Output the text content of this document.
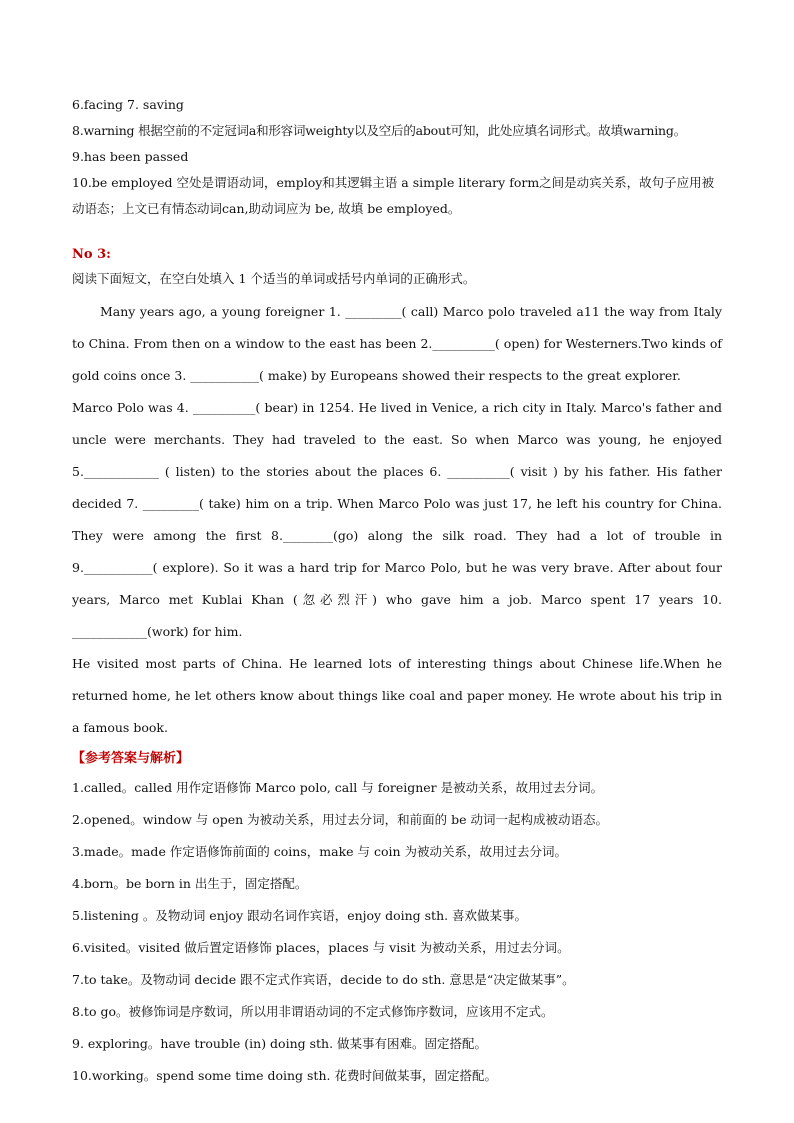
6.facing 7. saving
8.warning 根据空前的不定冠词a和形容词weighty以及空后的about可知，此处应填名词形式。故填warning。
9.has been passed
10.be employed 空处是谓语动词，employ和其逻辑主语 a simple literary form之间是动宾关系，故句子应用被动语态；上文已有情态动词can,助动词应为 be, 故填 be employed。
No 3:
阅读下面短文，在空白处填入 1 个适当的单词或括号内单词的正确形式。

Many years ago, a young foreigner 1. _________( call) Marco polo traveled a11 the way from Italy to China. From then on a window to the east has been 2.__________( open) for Westerners.Two kinds of gold coins once 3. ___________( make) by Europeans showed their respects to the great explorer.

Marco Polo was 4. __________( bear) in 1254. He lived in Venice, a rich city in Italy. Marco's father and uncle were merchants. They had traveled to the east. So when Marco was young, he enjoyed 5.____________ ( listen) to the stories about the places 6. __________( visit ) by his father. His father decided 7. _________( take) him on a trip. When Marco Polo was just 17, he left his country for China. They were among the first 8.________(go) along the silk road. They had a lot of trouble in 9.___________( explore). So it was a hard trip for Marco Polo, but he was very brave. After about four years, Marco met Kublai Khan (忽必烈汗) who gave him a job. Marco spent 17 years 10. ____________(work) for him.

He visited most parts of China. He learned lots of interesting things about Chinese life.When he returned home, he let others know about things like coal and paper money. He wrote about his trip in a famous book.

【参考答案与解析】
1.called。called 用作定语修饰 Marco polo, call 与 foreigner 是被动关系，故用过去分词。
2.opened。window 与 open 为被动关系，用过去分词，和前面的 be 动词一起构成被动语态。
3.made。made 作定语修饰前面的 coins，make 与 coin 为被动关系，故用过去分词。
4.born。be born in 出生于，固定搭配。
5.listening 。及物动词 enjoy 跟动名词作宾语，enjoy doing sth. 喜欢做某事。
6.visited。visited 做后置定语修饰 places，places 与 visit 为被动关系，用过去分词。
7.to take。及物动词 decide 跟不定式作宾语，decide to do sth. 意思是“决定做某事”。
8.to go。被修饰词是序数词，所以用非谓语动词的不定式修饰序数词，应该用不定式。
9. exploring。have trouble (in) doing sth. 做某事有困难。固定搭配。
10.working。spend some time doing sth. 花费时间做某事，固定搭配。
